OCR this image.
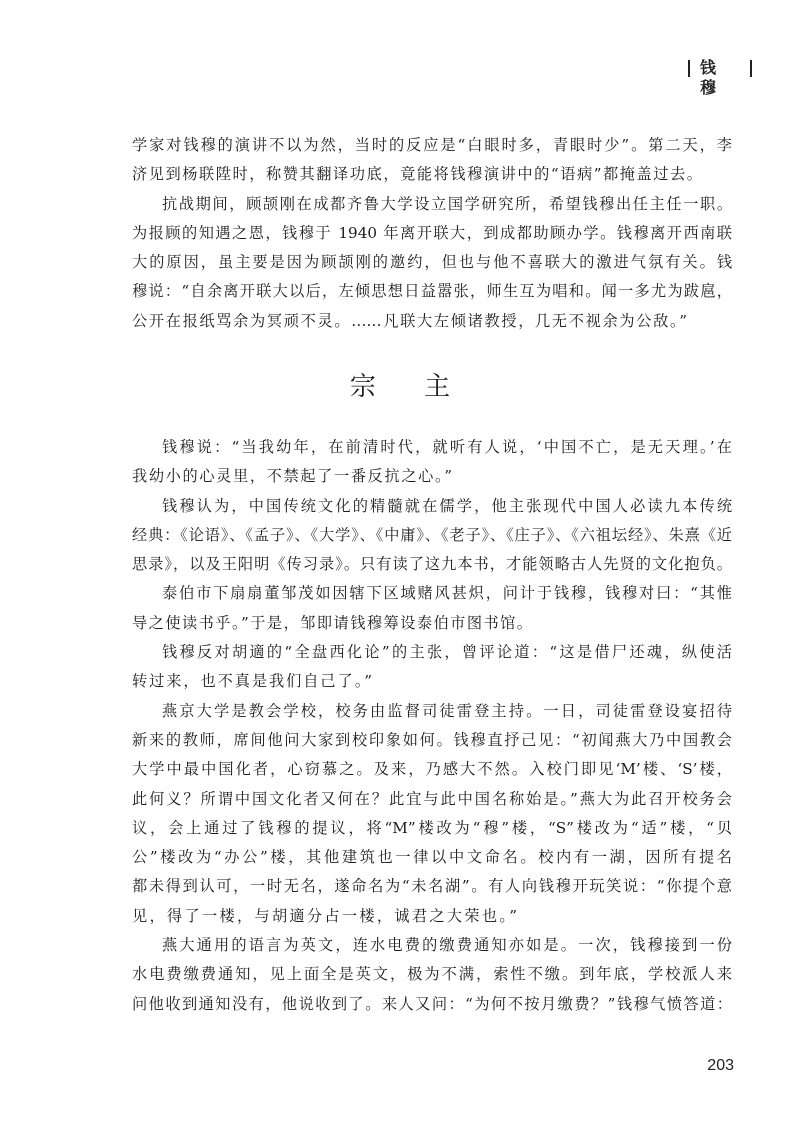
钱 穆
学家对钱穆的演讲不以为然，当时的反应是“白眼时多，青眼时少”。第二天，李
济见到杨联陞时，称赞其翻译功底，竟能将钱穆演讲中的“语病”都掩盖过去。
抗战期间，顾颉刚在成都齐鲁大学设立国学研究所，希望钱穆出任主任一职。
为报顾的知遇之恩，钱穆于 1940 年离开联大，到成都助顾办学。钱穆离开西南联
大的原因，虽主要是因为顾颉刚的邀约，但也与他不喜联大的激进气氛有关。钱
穆说：“自余离开联大以后，左倾思想日益嚣张，师生互为唱和。闻一多尤为跋扈，
公开在报纸骂余为冥顽不灵。……凡联大左倾诸教授，几无不视余为公敌。”
宗 主
钱穆说：“当我幼年，在前清时代，就听有人说，‘中国不亡，是无天理。’在
我幼小的心灵里，不禁起了一番反抗之心。”
钱穆认为，中国传统文化的精髓就在儒学，他主张现代中国人必读九本传统
经典：《论语》、《孟子》、《大学》、《中庸》、《老子》、《庄子》、《六祖坛经》、朱熹《近
思录》，以及王阳明《传习录》。只有读了这九本书，才能领略古人先贤的文化抱负。
泰伯市下扇扇董邹茂如因辖下区域赌风甚炽，问计于钱穆，钱穆对曰：“其惟
导之使读书乎。”于是，邹即请钱穆筹设泰伯市图书馆。
钱穆反对胡適的“全盘西化论”的主张，曾评论道：“这是借尸还魂，纵使活
转过来，也不真是我们自己了。”
燕京大学是教会学校，校务由监督司徒雷登主持。一日，司徒雷登设宴招待
新来的教师，席间他问大家到校印象如何。钱穆直抒己见：“初闻燕大乃中国教会
大学中最中国化者，心窃慕之。及来，乃感大不然。入校门即见‘M’楼、‘S’楼，
此何义？所谓中国文化者又何在？此宜与此中国名称始是。”燕大为此召开校务会
议，会上通过了钱穆的提议，将“M”楼改为“穆”楼，“S”楼改为“适”楼，“贝
公”楼改为“办公”楼，其他建筑也一律以中文命名。校内有一湖，因所有提名
都未得到认可，一时无名，遂命名为“未名湖”。有人向钱穆开玩笑说：“你提个意
见，得了一楼，与胡適分占一楼，诚君之大荣也。”
燕大通用的语言为英文，连水电费的缴费通知亦如是。一次，钱穆接到一份
水电费缴费通知，见上面全是英文，极为不满，索性不缴。到年底，学校派人来
问他收到通知没有，他说收到了。来人又问：“为何不按月缴费？”钱穆气愤答道：
203
